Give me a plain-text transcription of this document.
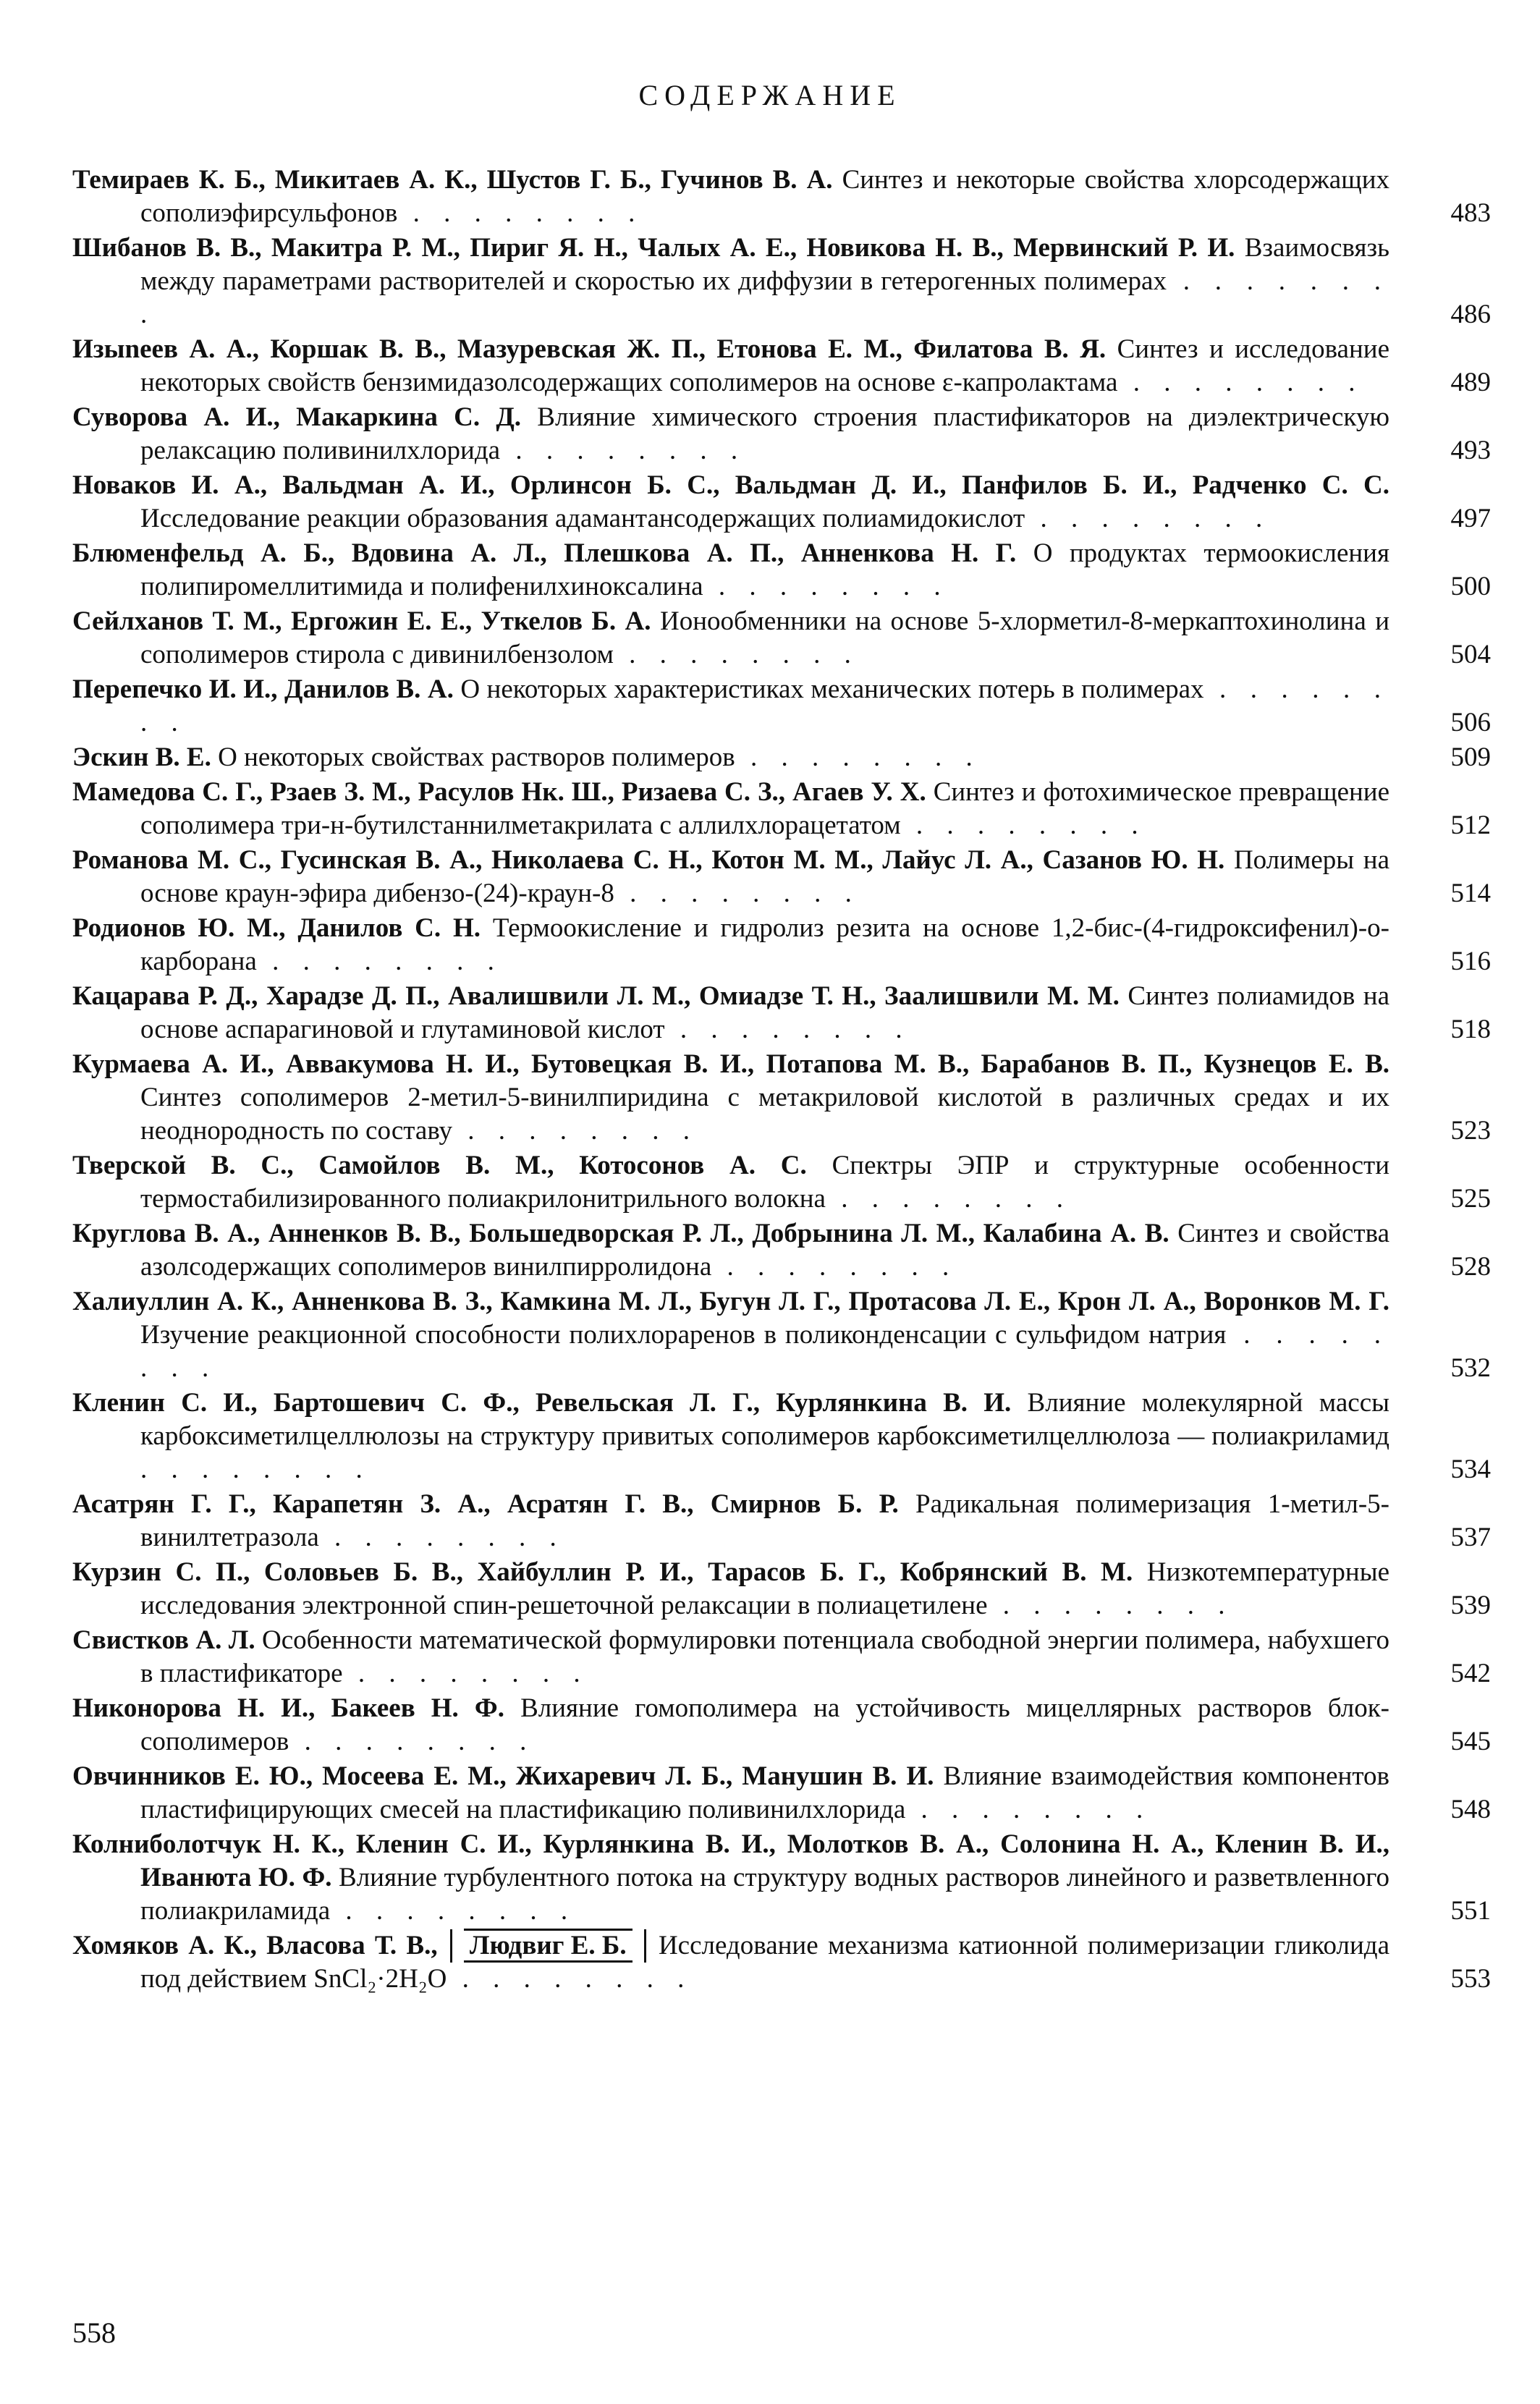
СОДЕРЖАНИЕ
Темираев К. Б., Микитаев А. К., Шустов Г. Б., Гучинов В. А. Синтез и некоторые свойства хлорсодержащих сополиэфирсульфонов . . . . . . . .	483
Шибанов В. В., Макитра Р. М., Пириг Я. Н., Чалых А. Е., Новикова Н. В., Мервинский Р. И. Взаимосвязь между параметрами растворителей и скоростью их диффузии в гетерогенных полимерах . . . . . . . .	486
Изыneев А. А., Коршак В. В., Мазуревская Ж. П., Етонова Е. М., Филатова В. Я. Синтез и исследование некоторых свойств бензимидазолсодержащих сополимеров на основе ε-капролактама . . . . . . . .	489
Суворова А. И., Макаркина С. Д. Влияние химического строения пластификаторов на диэлектрическую релаксацию поливинилхлорида . . . . . . . .	493
Новаков И. А., Вальдман А. И., Орлинсон Б. С., Вальдман Д. И., Панфилов Б. И., Радченко С. С. Исследование реакции образования адамантансодержащих полиамидокислот . . . . . . . .	497
Блюменфельд А. Б., Вдовина А. Л., Плешкова А. П., Анненкова Н. Г. О продуктах термоокисления полипиромеллитимида и полифенилхиноксалина . . . . . . . .	500
Сейлханов Т. М., Ергожин Е. Е., Уткелов Б. А. Ионообменники на основе 5-хлорметил-8-меркаптохинолина и сополимеров стирола с дивинилбензолом . . . . . . . .	504
Перепечко И. И., Данилов В. А. О некоторых характеристиках механических потерь в полимерах . . . . . . . .	506
Эскин В. Е. О некоторых свойствах растворов полимеров . . . . . . . .	509
Мамедова С. Г., Рзаев З. М., Расулов Нк. Ш., Ризаева С. З., Агаев У. Х. Синтез и фотохимическое превращение сополимера три-н-бутилстаннилметакрилата с аллилхлорацетатом . . . . . . . .	512
Романова М. С., Гусинская В. А., Николаева С. Н., Котон М. М., Лайус Л. А., Сазанов Ю. Н. Полимеры на основе краун-эфира дибензо-(24)-краун-8 . . . . . . . .	514
Родионов Ю. М., Данилов С. Н. Термоокисление и гидролиз резита на основе 1,2-бис-(4-гидроксифенил)-о-карборана . . . . . . . .	516
Кацарава Р. Д., Харадзе Д. П., Авалишвили Л. М., Омиадзе Т. Н., Заалишвили М. М. Синтез полиамидов на основе аспарагиновой и глутаминовой кислот . . . . . . . .	518
Курмаева А. И., Аввакумова Н. И., Бутовецкая В. И., Потапова М. В., Барабанов В. П., Кузнецов Е. В. Синтез сополимеров 2-метил-5-винилпиридина с метакриловой кислотой в различных средах и их неоднородность по составу . . . . . . . .	523
Тверской В. С., Самойлов В. М., Котосонов А. С. Спектры ЭПР и структурные особенности термостабилизированного полиакрилонитрильного волокна . . . . . . . .	525
Круглова В. А., Анненков В. В., Большедворская Р. Л., Добрынина Л. М., Калабина А. В. Синтез и свойства азолсодержащих сополимеров винилпирролидона . . . . . . . .	528
Халиуллин А. К., Анненкова В. З., Камкина М. Л., Бугун Л. Г., Протасова Л. Е., Крон Л. А., Воронков М. Г. Изучение реакционной способности полихлораренов в поликонденсации с сульфидом натрия . . . . . . . .	532
Кленин С. И., Бартошевич С. Ф., Ревельская Л. Г., Курлянкина В. И. Влияние молекулярной массы карбоксиметилцеллюлозы на структуру привитых сополимеров карбоксиметилцеллюлоза — полиакриламид . . . . . . . .	534
Асатрян Г. Г., Карапетян З. А., Асратян Г. В., Смирнов Б. Р. Радикальная полимеризация 1-метил-5-винилтетразола . . . . . . . .	537
Курзин С. П., Соловьев Б. В., Хайбуллин Р. И., Тарасов Б. Г., Кобрянский В. М. Низкотемпературные исследования электронной спин-решеточной релаксации в полиацетилене . . . . . . . .	539
Свистков А. Л. Особенности математической формулировки потенциала свободной энергии полимера, набухшего в пластификаторе . . . . . . . .	542
Никонорова Н. И., Бакеев Н. Ф. Влияние гомополимера на устойчивость мицеллярных растворов блок-сополимеров . . . . . . . .	545
Овчинников Е. Ю., Мосеева Е. М., Жихаревич Л. Б., Манушин В. И. Влияние взаимодействия компонентов пластифицирующих смесей на пластификацию поливинилхлорида . . . . . . . .	548
Колнибoлотчук Н. К., Кленин С. И., Курлянкина В. И., Молотков В. А., Солонина Н. А., Кленин В. И., Иванюта Ю. Ф. Влияние турбулентного потока на структуру водных растворов линейного и разветвленного полиакриламида . . . . . . . .	551
Хомяков А. К., Власова Т. В., Людвиг Е. Б. Исследование механизма катионной полимеризации гликолида под действием SnCl₂·2H₂O . . . . . . . .	553
558
